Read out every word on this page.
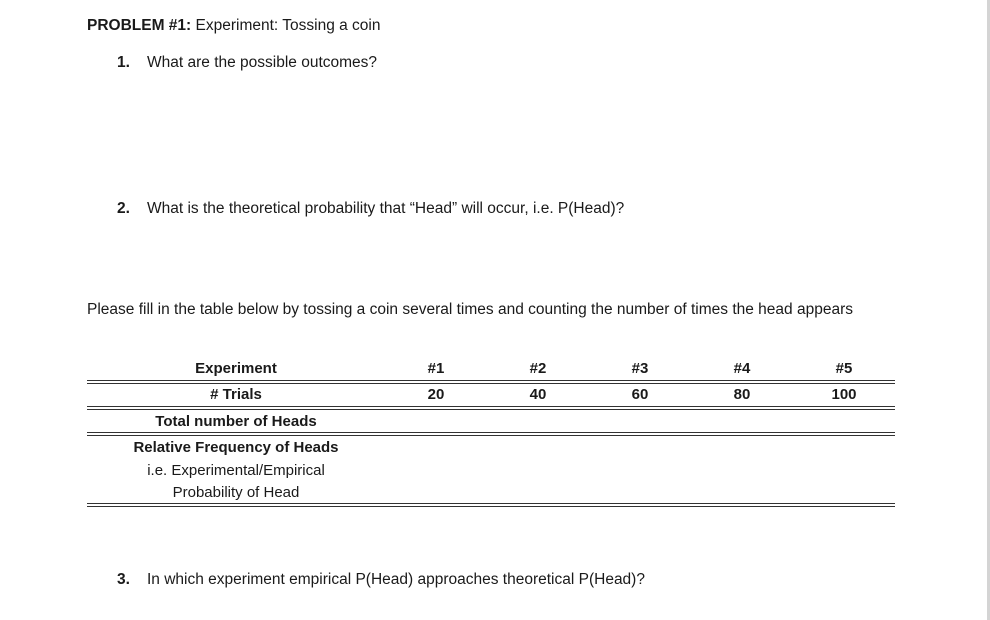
PROBLEM #1: Experiment: Tossing a coin
1. What are the possible outcomes?
2. What is the theoretical probability that “Head” will occur, i.e. P(Head)?
Please fill in the table below by tossing a coin several times and counting the number of times the head appears
Experiment	#1	#2	#3	#4	#5
# Trials	20	40	60	80	100
Total number of Heads
Relative Frequency of Heads
i.e. Experimental/Empirical
Probability of Head
3. In which experiment empirical P(Head) approaches theoretical P(Head)?
